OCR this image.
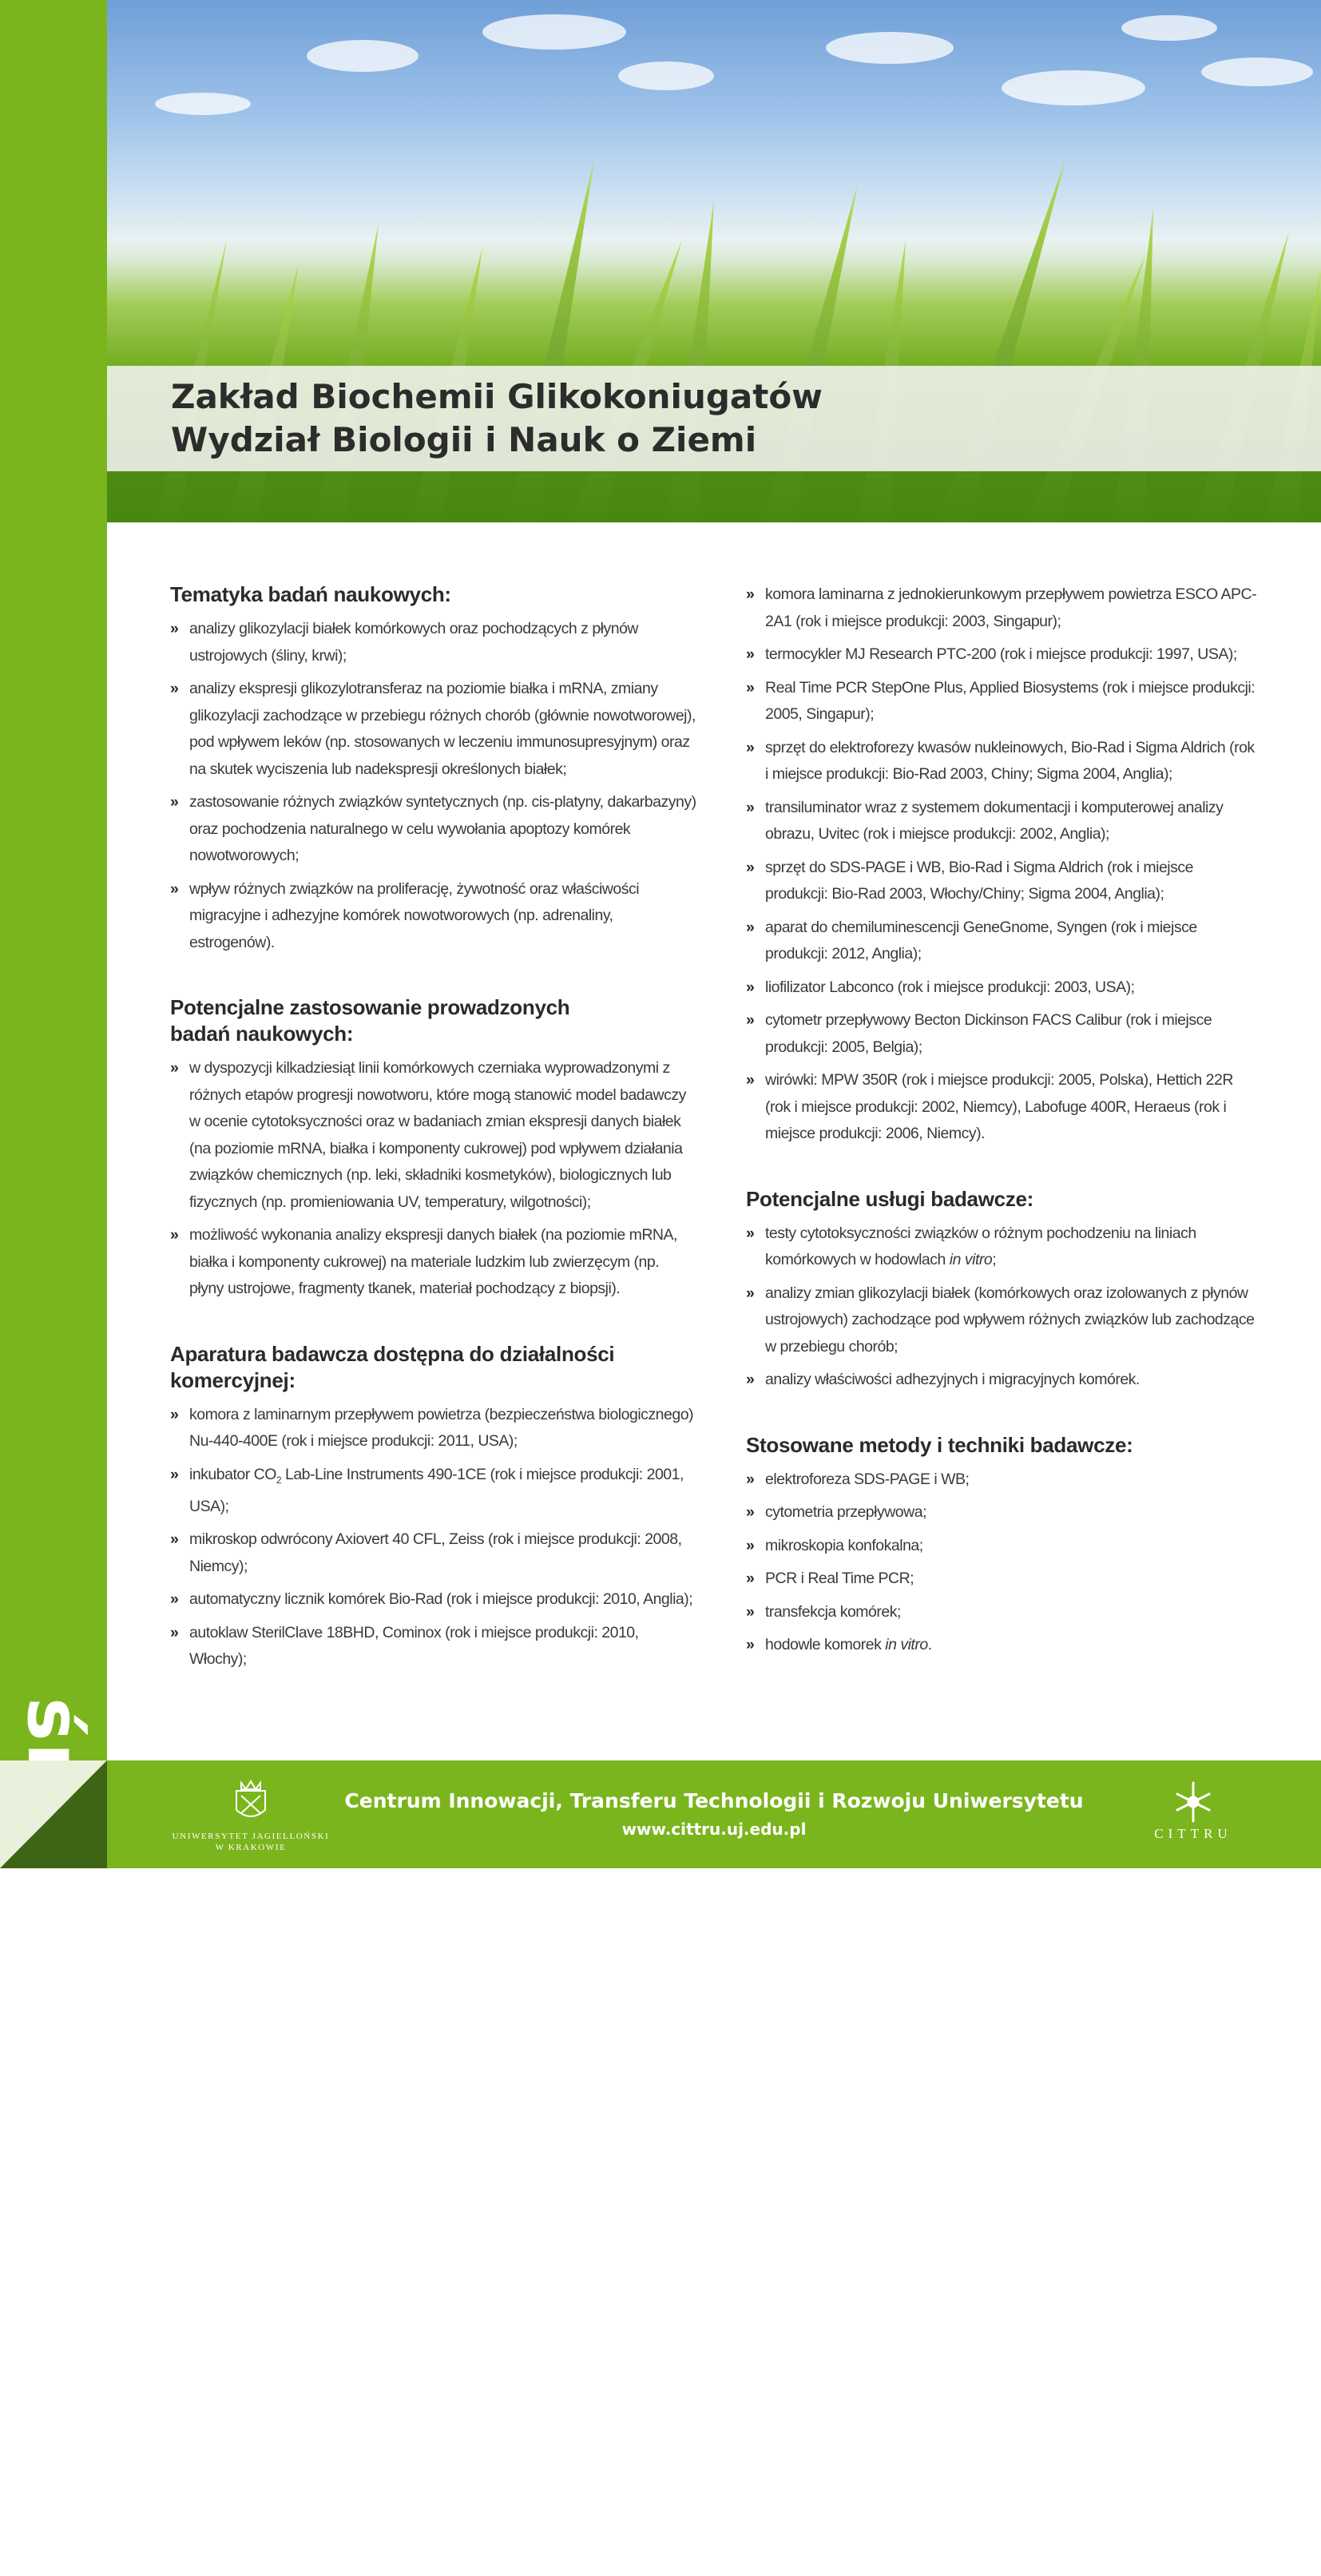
Zakład Biochemii Glikokoniugatów
Wydział Biologii i Nauk o Ziemi
środowisko
Tematyka badań naukowych:
» analizy glikozylacji białek komórkowych oraz pochodzących z płynów ustrojowych (śliny, krwi);
» analizy ekspresji glikozylotransferaz na poziomie białka i mRNA, zmiany glikozylacji zachodzące w przebiegu różnych chorób (głównie nowotworowej), pod wpływem leków (np. stosowanych w leczeniu immunosupresyjnym) oraz na skutek wyciszenia lub nadekspresji określonych białek;
» zastosowanie różnych związków syntetycznych (np. cis-platyny, dakarbazyny) oraz pochodzenia naturalnego w celu wywołania apoptozy komórek nowotworowych;
» wpływ różnych związków na proliferację, żywotność oraz właściwości migracyjne i adhezyjne komórek nowotworowych (np. adrenaliny, estrogenów).
Potencjalne zastosowanie prowadzonych badań naukowych:
» w dyspozycji kilkadziesiąt linii komórkowych czerniaka wyprowadzonymi z różnych etapów progresji nowotworu, które mogą stanowić model badawczy w ocenie cytotoksyczności oraz w badaniach zmian ekspresji danych białek (na poziomie mRNA, białka i komponenty cukrowej) pod wpływem działania związków chemicznych (np. leki, składniki kosmetyków), biologicznych lub fizycznych (np. promieniowania UV, temperatury, wilgotności);
» możliwość wykonania analizy ekspresji danych białek (na poziomie mRNA, białka i komponenty cukrowej) na materiale ludzkim lub zwierzęcym (np. płyny ustrojowe, fragmenty tkanek, materiał pochodzący z biopsji).
Aparatura badawcza dostępna do działalności komercyjnej:
» komora z laminarnym przepływem powietrza (bezpieczeństwa biologicznego) Nu-440-400E (rok i miejsce produkcji: 2011, USA);
» inkubator $CO_2$ Lab-Line Instruments 490-1CE (rok i miejsce produkcji: 2001, USA);
» mikroskop odwrócony Axiovert 40 CFL, Zeiss (rok i miejsce produkcji: 2008, Niemcy);
» automatyczny licznik komórek Bio-Rad (rok i miejsce produkcji: 2010, Anglia);
» autoklaw SterilClave 18BHD, Cominox (rok i miejsce produkcji: 2010, Włochy);
» komora laminarna z jednokierunkowym przepływem powietrza ESCO APC-2A1 (rok i miejsce produkcji: 2003, Singapur);
» termocykler MJ Research PTC-200 (rok i miejsce produkcji: 1997, USA);
» Real Time PCR StepOne Plus, Applied Biosystems (rok i miejsce produkcji: 2005, Singapur);
» sprzęt do elektroforezy kwasów nukleinowych, Bio-Rad i Sigma Aldrich (rok i miejsce produkcji: Bio-Rad 2003, Chiny; Sigma 2004, Anglia);
» transiluminator wraz z systemem dokumentacji i komputerowej analizy obrazu, Uvitec (rok i miejsce produkcji: 2002, Anglia);
» sprzęt do SDS-PAGE i WB, Bio-Rad i Sigma Aldrich (rok i miejsce produkcji: Bio-Rad 2003, Włochy/Chiny; Sigma 2004, Anglia);
» aparat do chemiluminescencji GeneGnome, Syngen (rok i miejsce produkcji: 2012, Anglia);
» liofilizator Labconco (rok i miejsce produkcji: 2003, USA);
» cytometr przepływowy Becton Dickinson FACS Calibur (rok i miejsce produkcji: 2005, Belgia);
» wirówki: MPW 350R (rok i miejsce produkcji: 2005, Polska), Hettich 22R (rok i miejsce produkcji: 2002, Niemcy), Labofuge 400R, Heraeus (rok i miejsce produkcji: 2006, Niemcy).
Potencjalne usługi badawcze:
» testy cytotoksyczności związków o różnym pochodzeniu na liniach komórkowych w hodowlach in vitro;
» analizy zmian glikozylacji białek (komórkowych oraz izolowanych z płynów ustrojowych) zachodzące pod wpływem różnych związków lub zachodzące w przebiegu chorób;
» analizy właściwości adhezyjnych i migracyjnych komórek.
Stosowane metody i techniki badawcze:
» elektroforeza SDS-PAGE i WB;
» cytometria przepływowa;
» mikroskopia konfokalna;
» PCR i Real Time PCR;
» transfekcja komórek;
» hodowle komorek in vitro.
UNIWERSYTET JAGIELLOŃSKI
W KRAKOWIE

Centrum Innowacji, Transferu Technologii i Rozwoju Uniwersytetu

www.cittru.uj.edu.pl	CITTRU
